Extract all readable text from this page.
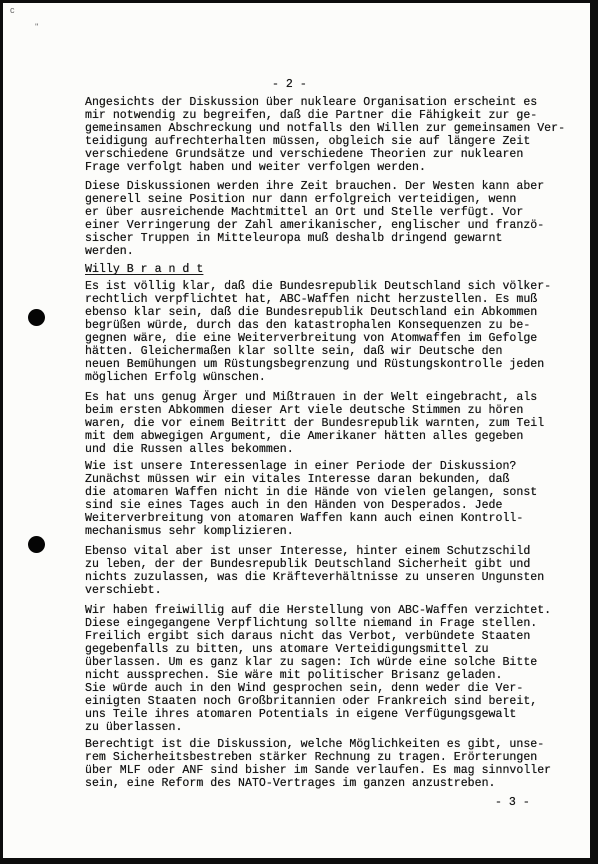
c
''
- 2 -

Angesichts der Diskussion über nukleare Organisation erscheint es
mir notwendig zu begreifen, daß die Partner die Fähigkeit zur ge-
gemeinsamen Abschreckung und notfalls den Willen zur gemeinsamen Ver-
teidigung aufrechterhalten müssen, obgleich sie auf längere Zeit
verschiedene Grundsätze und verschiedene Theorien zur nuklearen
Frage verfolgt haben und weiter verfolgen werden.

Diese Diskussionen werden ihre Zeit brauchen. Der Westen kann aber
generell seine Position nur dann erfolgreich verteidigen, wenn
er über ausreichende Machtmittel an Ort und Stelle verfügt. Vor
einer Verringerung der Zahl amerikanischer, englischer und franzö-
sischer Truppen in Mitteleuropa muß deshalb dringend gewarnt
werden.

Willy B r a n d t

Es ist völlig klar, daß die Bundesrepublik Deutschland sich völker-
rechtlich verpflichtet hat, ABC-Waffen nicht herzustellen. Es muß
ebenso klar sein, daß die Bundesrepublik Deutschland ein Abkommen
begrüßen würde, durch das den katastrophalen Konsequenzen zu be-
gegnen wäre, die eine Weiterverbreitung von Atomwaffen im Gefolge
hätten. Gleichermaßen klar sollte sein, daß wir Deutsche den
neuen Bemühungen um Rüstungsbegrenzung und Rüstungskontrolle jeden
möglichen Erfolg wünschen.

Es hat uns genug Ärger und Mißtrauen in der Welt eingebracht, als
beim ersten Abkommen dieser Art viele deutsche Stimmen zu hören
waren, die vor einem Beitritt der Bundesrepublik warnten, zum Teil
mit dem abwegigen Argument, die Amerikaner hätten alles gegeben
und die Russen alles bekommen.

Wie ist unsere Interessenlage in einer Periode der Diskussion?
Zunächst müssen wir ein vitales Interesse daran bekunden, daß
die atomaren Waffen nicht in die Hände von vielen gelangen, sonst
sind sie eines Tages auch in den Händen von Desperados. Jede
Weiterverbreitung von atomaren Waffen kann auch einen Kontroll-
mechanismus sehr komplizieren.

Ebenso vital aber ist unser Interesse, hinter einem Schutzschild
zu leben, der der Bundesrepublik Deutschland Sicherheit gibt und
nichts zuzulassen, was die Kräfteverhältnisse zu unseren Ungunsten
verschiebt.

Wir haben freiwillig auf die Herstellung von ABC-Waffen verzichtet.
Diese eingegangene Verpflichtung sollte niemand in Frage stellen.
Freilich ergibt sich daraus nicht das Verbot, verbündete Staaten
gegebenfalls zu bitten, uns atomare Verteidigungsmittel zu
überlassen. Um es ganz klar zu sagen: Ich würde eine solche Bitte
nicht aussprechen. Sie wäre mit politischer Brisanz geladen.
Sie würde auch in den Wind gesprochen sein, denn weder die Ver-
einigten Staaten noch Großbritannien oder Frankreich sind bereit,
uns Teile ihres atomaren Potentials in eigene Verfügungsgewalt
zu überlassen.

Berechtigt ist die Diskussion, welche Möglichkeiten es gibt, unse-
rem Sicherheitsbestreben stärker Rechnung zu tragen. Erörterungen
über MLF oder ANF sind bisher im Sande verlaufen. Es mag sinnvoller
sein, eine Reform des NATO-Vertrages im ganzen anzustreben.

- 3 -
